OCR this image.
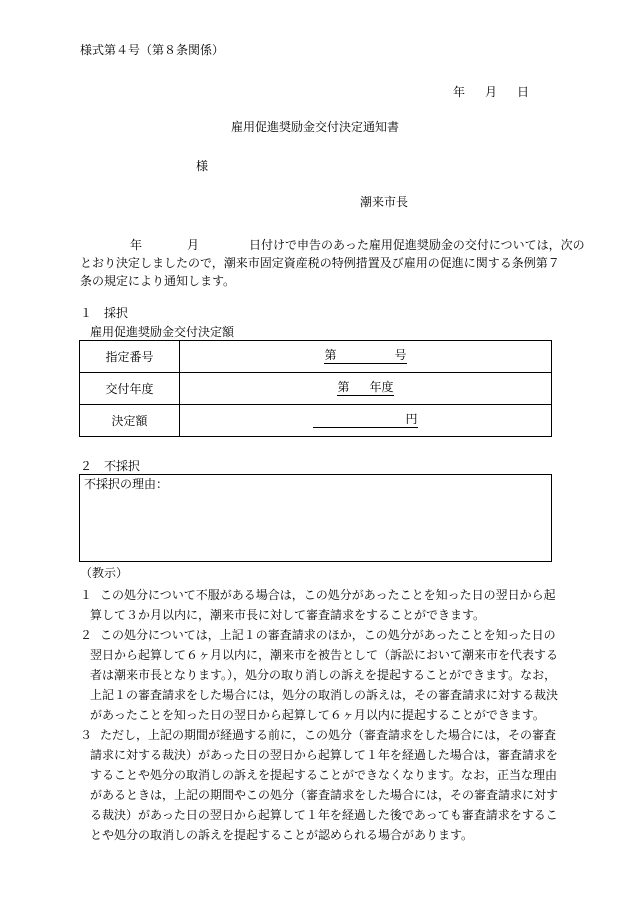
様式第４号（第８条関係）
年 月 日
雇用促進奨励金交付決定通知書
様
潮来市長
年	月	日付けで申告のあった雇用促進奨励金の交付については，次の
とおり決定しましたので，潮来市固定資産税の特例措置及び雇用の促進に関する条例第７
条の規定により通知します。
１ 採択
雇用促進奨励金交付決定額
指定番号	第 号
交付年度	第 年度
決定額	円
２ 不採択
不採択の理由：
（教示）
１ この処分について不服がある場合は，この処分があったことを知った日の翌日から起
算して３か月以内に，潮来市長に対して審査請求をすることができます。
２ この処分については，上記１の審査請求のほか，この処分があったことを知った日の
翌日から起算して６ヶ月以内に，潮来市を被告として（訴訟において潮来市を代表する
者は潮来市長となります。），処分の取り消しの訴えを提起することができます。なお，
上記１の審査請求をした場合には，処分の取消しの訴えは，その審査請求に対する裁決
があったことを知った日の翌日から起算して６ヶ月以内に提起することができます。
３ ただし，上記の期間が経過する前に，この処分（審査請求をした場合には，その審査
請求に対する裁決）があった日の翌日から起算して１年を経過した場合は，審査請求を
することや処分の取消しの訴えを提起することができなくなります。なお，正当な理由
があるときは，上記の期間やこの処分（審査請求をした場合には，その審査請求に対す
る裁決）があった日の翌日から起算して１年を経過した後であっても審査請求をするこ
とや処分の取消しの訴えを提起することが認められる場合があります。
